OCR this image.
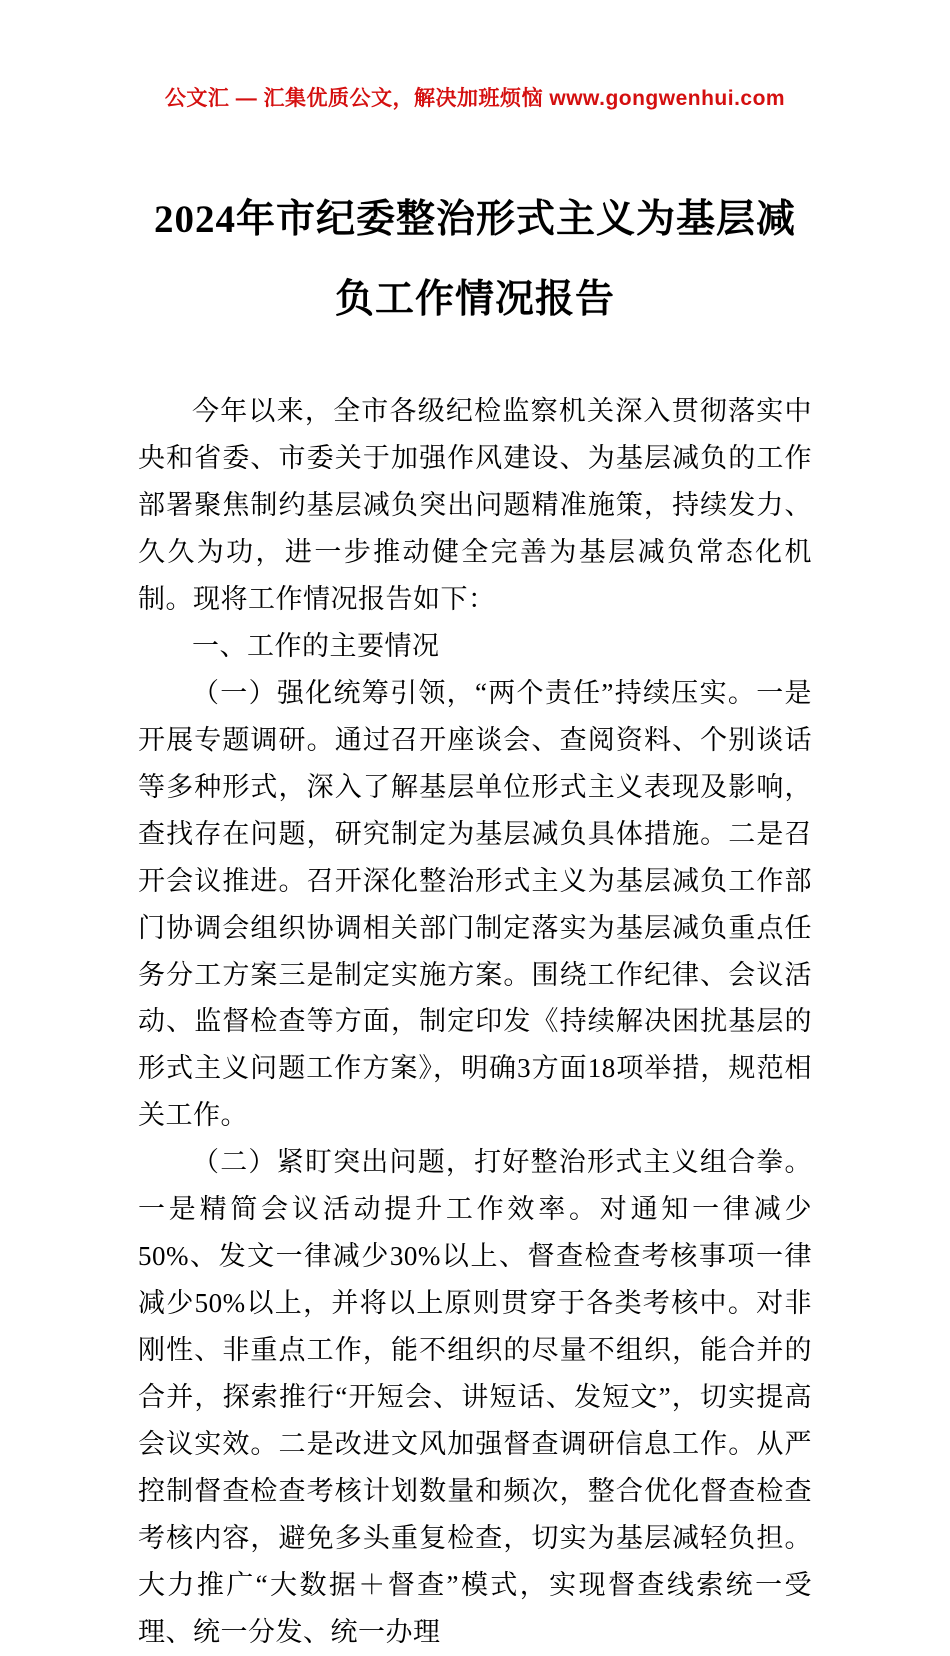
公文汇 — 汇集优质公文，解决加班烦恼 www.gongwenhui.com
2024年市纪委整治形式主义为基层减负工作情况报告

今年以来，全市各级纪检监察机关深入贯彻落实中央和省委、市委关于加强作风建设、为基层减负的工作部署聚焦制约基层减负突出问题精准施策，持续发力、久久为功，进一步推动健全完善为基层减负常态化机制。现将工作情况报告如下：

一、工作的主要情况

（一）强化统筹引领，“两个责任”持续压实。一是开展专题调研。通过召开座谈会、查阅资料、个别谈话等多种形式，深入了解基层单位形式主义表现及影响，查找存在问题，研究制定为基层减负具体措施。二是召开会议推进。召开深化整治形式主义为基层减负工作部门协调会组织协调相关部门制定落实为基层减负重点任务分工方案三是制定实施方案。围绕工作纪律、会议活动、监督检查等方面，制定印发《持续解决困扰基层的形式主义问题工作方案》，明确3方面18项举措，规范相关工作。

（二）紧盯突出问题，打好整治形式主义组合拳。一是精简会议活动提升工作效率。对通知一律减少50%、发文一律减少30%以上、督查检查考核事项一律减少50%以上，并将以上原则贯穿于各类考核中。对非刚性、非重点工作，能不组织的尽量不组织，能合并的合并，探索推行“开短会、讲短话、发短文”，切实提高会议实效。二是改进文风加强督查调研信息工作。从严控制督查检查考核计划数量和频次，整合优化督查检查考核内容，避免多头重复检查，切实为基层减轻负担。大力推广“大数据＋督查”模式，实现督查线索统一受理、统一分发、统一办理
